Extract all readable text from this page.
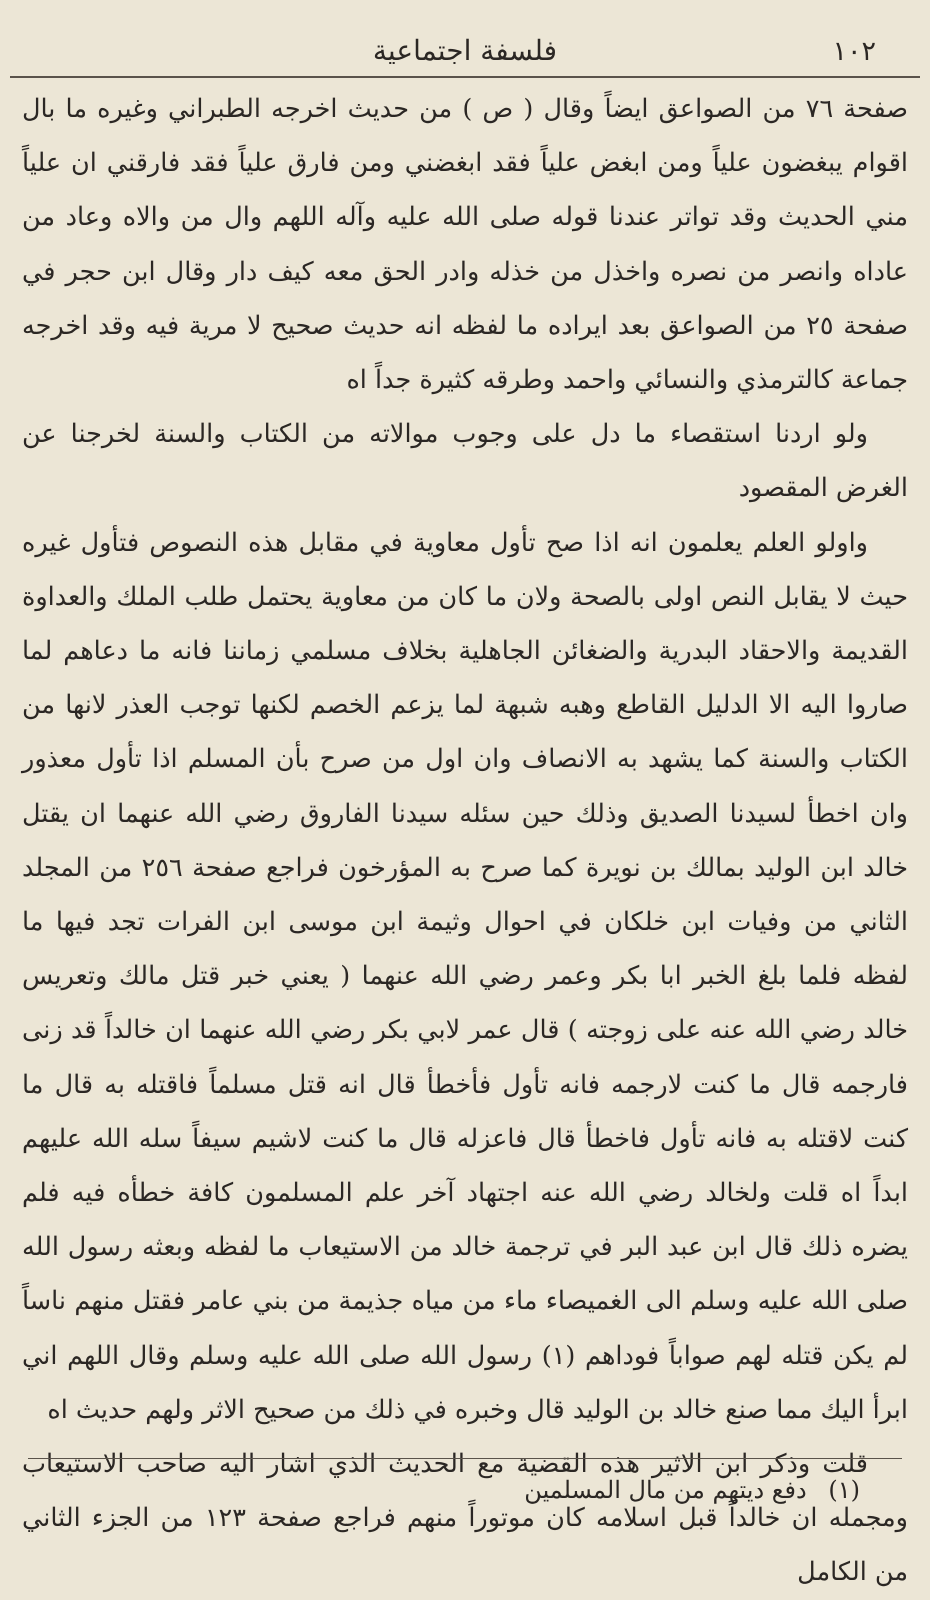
١٠٢
فلسفة اجتماعية

صفحة ٧٦ من الصواعق ايضاً وقال ( ص ) من حديث اخرجه الطبراني وغيره ما بال اقوام يبغضون علياً ومن ابغض علياً فقد ابغضني ومن فارق علياً فقد فارقني ان علياً مني الحديث وقد تواتر عندنا قوله صلى الله عليه وآله اللهم وال من والاه وعاد من عاداه وانصر من نصره واخذل من خذله وادر الحق معه كيف دار وقال ابن حجر في صفحة ٢٥ من الصواعق بعد ايراده ما لفظه انه حديث صحيح لا مرية فيه وقد اخرجه جماعة كالترمذي والنسائي واحمد وطرقه كثيرة جداً اه

ولو اردنا استقصاء ما دل على وجوب موالاته من الكتاب والسنة لخرجنا عن الغرض المقصود

واولو العلم يعلمون انه اذا صح تأول معاوية في مقابل هذه النصوص فتأول غيره حيث لا يقابل النص اولى بالصحة ولان ما كان من معاوية يحتمل طلب الملك والعداوة القديمة والاحقاد البدرية والضغائن الجاهلية بخلاف مسلمي زماننا فانه ما دعاهم لما صاروا اليه الا الدليل القاطع وهبه شبهة لما يزعم الخصم لكنها توجب العذر لانها من الكتاب والسنة كما يشهد به الانصاف وان اول من صرح بأن المسلم اذا تأول معذور وان اخطأ لسيدنا الصديق وذلك حين سئله سيدنا الفاروق رضي الله عنهما ان يقتل خالد ابن الوليد بمالك بن نويرة كما صرح به المؤرخون فراجع صفحة ٢٥٦ من المجلد الثاني من وفيات ابن خلكان في احوال وثيمة ابن موسى ابن الفرات تجد فيها ما لفظه فلما بلغ الخبر ابا بكر وعمر رضي الله عنهما ( يعني خبر قتل مالك وتعريس خالد رضي الله عنه على زوجته ) قال عمر لابي بكر رضي الله عنهما ان خالداً قد زنى فارجمه قال ما كنت لارجمه فانه تأول فأخطأ قال انه قتل مسلماً فاقتله به قال ما كنت لاقتله به فانه تأول فاخطأ قال فاعزله قال ما كنت لاشيم سيفاً سله الله عليهم ابداً اه قلت ولخالد رضي الله عنه اجتهاد آخر علم المسلمون كافة خطأه فيه فلم يضره ذلك قال ابن عبد البر في ترجمة خالد من الاستيعاب ما لفظه وبعثه رسول الله صلى الله عليه وسلم الى الغميصاء ماء من مياه جذيمة من بني عامر فقتل منهم ناساً لم يكن قتله لهم صواباً فوداهم (١) رسول الله صلى الله عليه وسلم وقال اللهم اني ابرأ اليك مما صنع خالد بن الوليد قال وخبره في ذلك من صحيح الاثر ولهم حديث اه

قلت وذكر ابن الاثير هذه القضية مع الحديث الذي اشار اليه صاحب الاستيعاب ومجمله ان خالداً قبل اسلامه كان موتوراً منهم فراجع صفحة ١٢٣ من الجزء الثاني من الكامل

(١) دفع ديتهم من مال المسلمين
